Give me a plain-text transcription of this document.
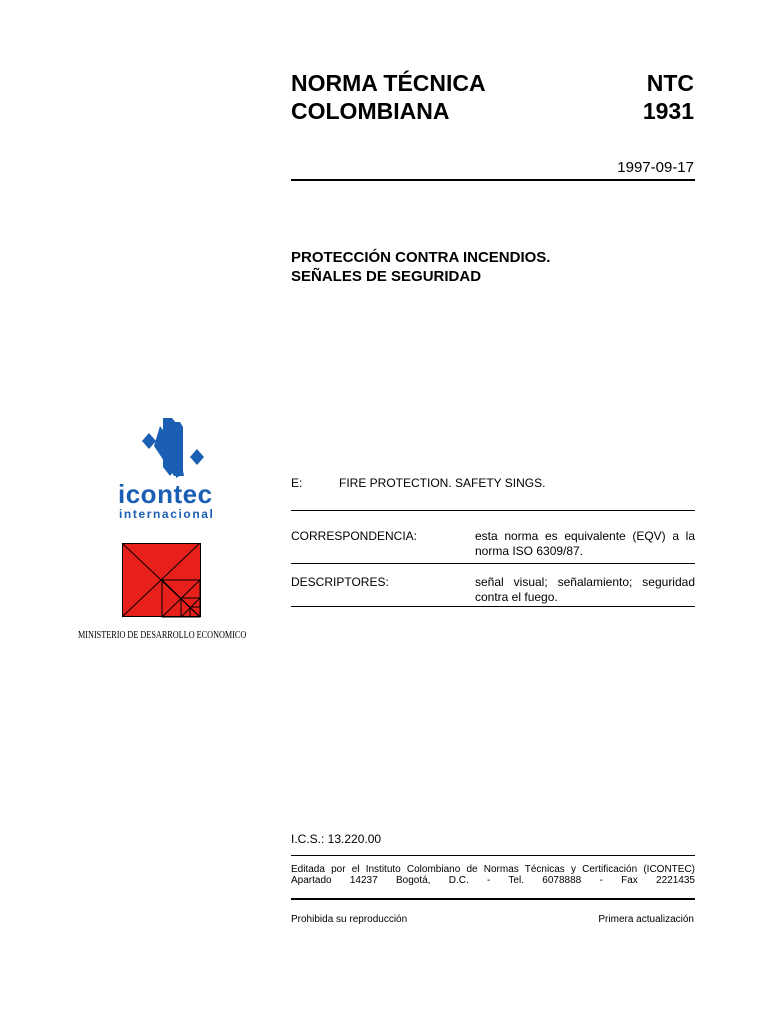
NORMA TÉCNICA
COLOMBIANA
NTC
1931
1997-09-17
PROTECCIÓN CONTRA INCENDIOS.
SEÑALES DE SEGURIDAD
icontec
internacional
MINISTERIO DE DESARROLLO ECONOMICO
E:	FIRE PROTECTION. SAFETY SINGS.
CORRESPONDENCIA:	esta norma es equivalente (EQV) a la
norma ISO 6309/87.
DESCRIPTORES:	señal visual; señalamiento; seguridad
contra el fuego.
I.C.S.: 13.220.00
Editada por el Instituto Colombiano de Normas Técnicas y Certificación (ICONTEC)
Apartado 14237 Bogotá, D.C. - Tel. 6078888 - Fax 2221435
Prohibida su reproducción	Primera actualización
